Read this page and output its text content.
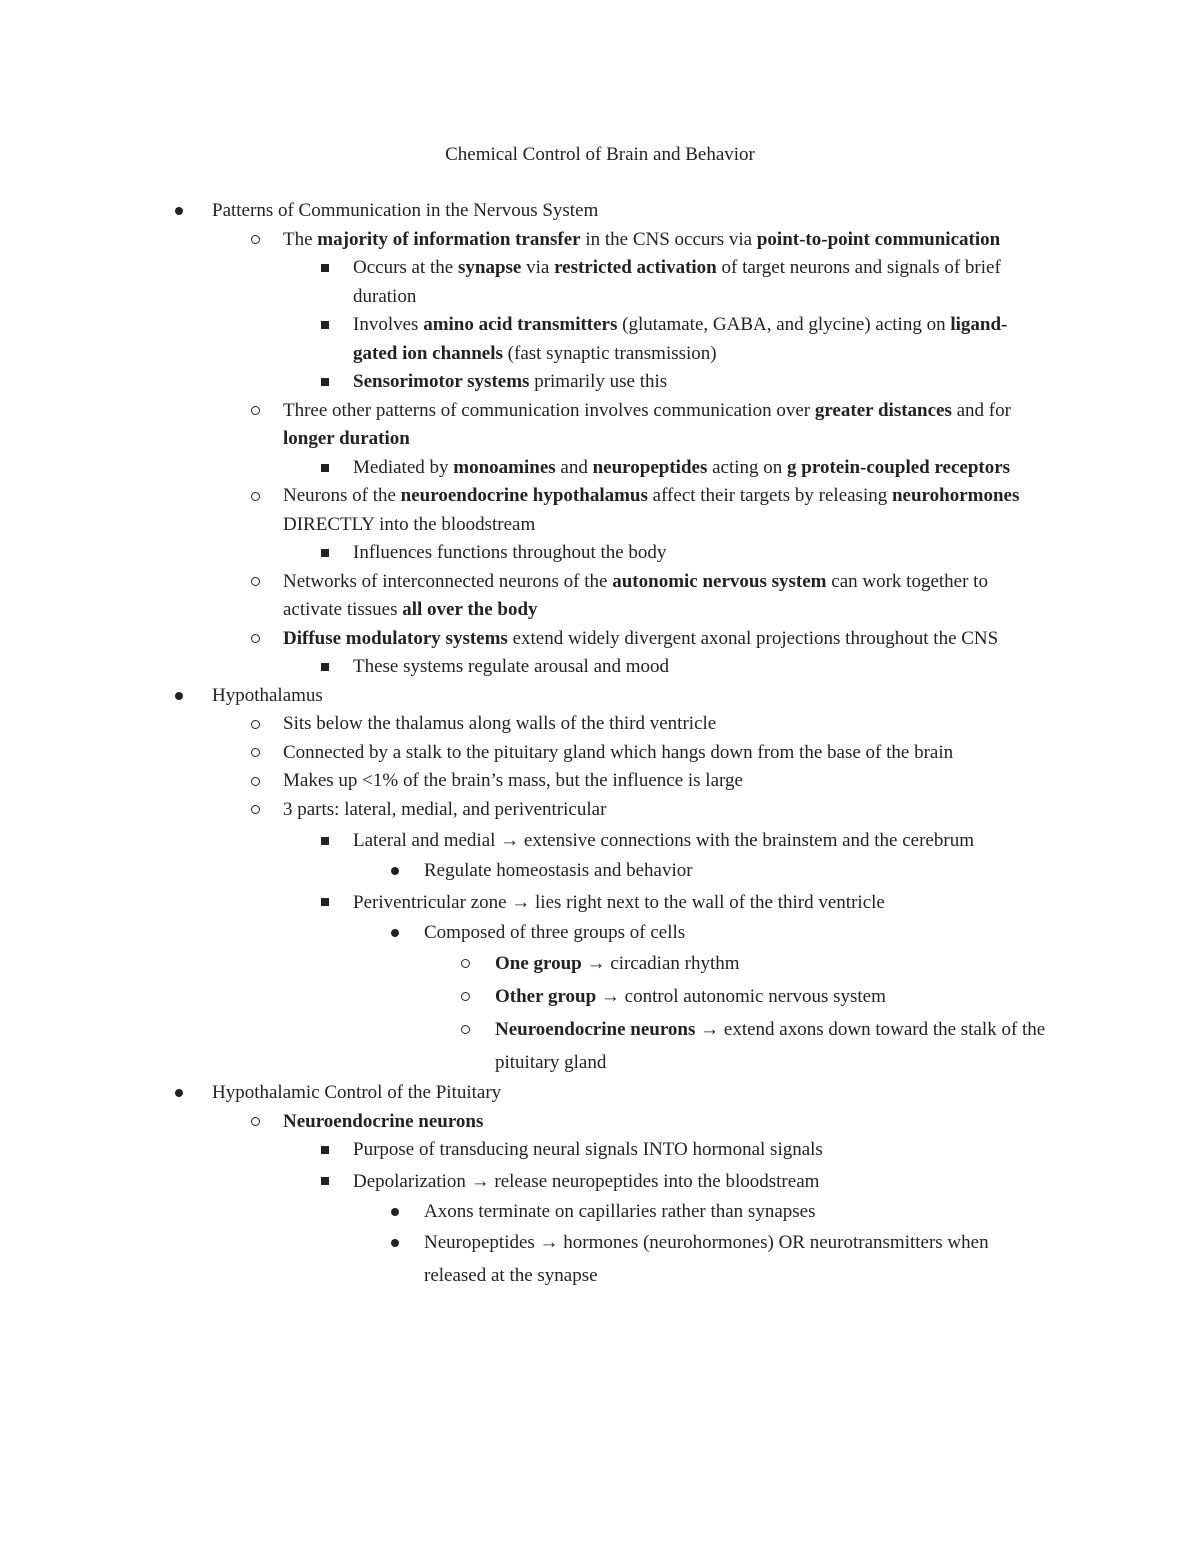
Chemical Control of Brain and Behavior
Patterns of Communication in the Nervous System
The majority of information transfer in the CNS occurs via point-to-point communication
Occurs at the synapse via restricted activation of target neurons and signals of brief duration
Involves amino acid transmitters (glutamate, GABA, and glycine) acting on ligand-gated ion channels (fast synaptic transmission)
Sensorimotor systems primarily use this
Three other patterns of communication involves communication over greater distances and for longer duration
Mediated by monoamines and neuropeptides acting on g protein-coupled receptors
Neurons of the neuroendocrine hypothalamus affect their targets by releasing neurohormones DIRECTLY into the bloodstream
Influences functions throughout the body
Networks of interconnected neurons of the autonomic nervous system can work together to activate tissues all over the body
Diffuse modulatory systems extend widely divergent axonal projections throughout the CNS
These systems regulate arousal and mood
Hypothalamus
Sits below the thalamus along walls of the third ventricle
Connected by a stalk to the pituitary gland which hangs down from the base of the brain
Makes up <1% of the brain’s mass, but the influence is large
3 parts: lateral, medial, and periventricular
Lateral and medial → extensive connections with the brainstem and the cerebrum
Regulate homeostasis and behavior
Periventricular zone → lies right next to the wall of the third ventricle
Composed of three groups of cells
One group → circadian rhythm
Other group → control autonomic nervous system
Neuroendocrine neurons → extend axons down toward the stalk of the pituitary gland
Hypothalamic Control of the Pituitary
Neuroendocrine neurons
Purpose of transducing neural signals INTO hormonal signals
Depolarization → release neuropeptides into the bloodstream
Axons terminate on capillaries rather than synapses
Neuropeptides → hormones (neurohormones) OR neurotransmitters when released at the synapse
